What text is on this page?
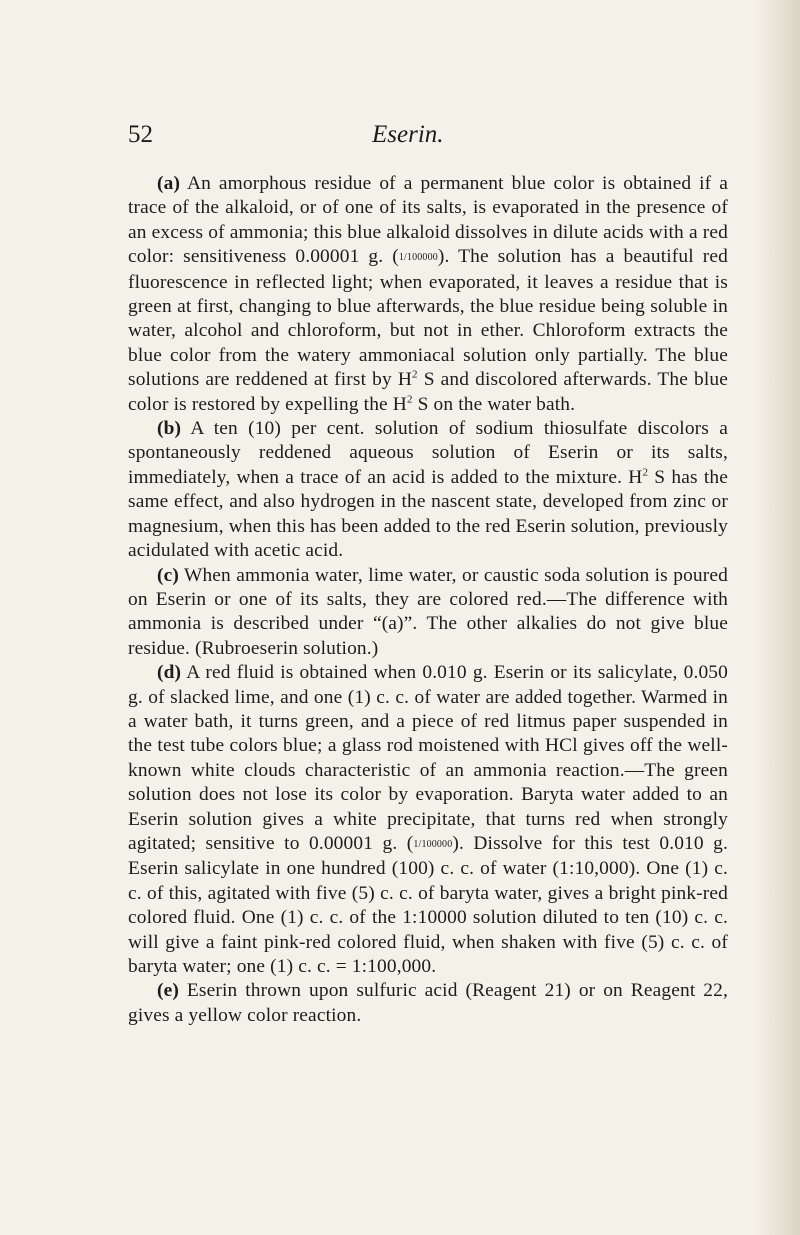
52	Eserin.

(a) An amorphous residue of a permanent blue color is obtained if a trace of the alkaloid, or of one of its salts, is evaporated in the presence of an excess of ammonia; this blue alkaloid dissolves in dilute acids with a red color: sensitiveness 0.00001 g. (1/100000). The solution has a beautiful red fluorescence in reflected light; when evaporated, it leaves a residue that is green at first, changing to blue afterwards, the blue residue being soluble in water, alcohol and chloroform, but not in ether. Chloroform extracts the blue color from the watery ammoniacal solution only partially. The blue solutions are reddened at first by $H^2$ S and discolored afterwards. The blue color is restored by expelling the $H^2$ S on the water bath.

(b) A ten (10) per cent. solution of sodium thiosulfate discolors a spontaneously reddened aqueous solution of Eserin or its salts, immediately, when a trace of an acid is added to the mixture. $H^2$ S has the same effect, and also hydrogen in the nascent state, developed from zinc or magnesium, when this has been added to the red Eserin solution, previously acidulated with acetic acid.

(c) When ammonia water, lime water, or caustic soda solution is poured on Eserin or one of its salts, they are colored red.—The difference with ammonia is described under “(a)”. The other alkalies do not give blue residue. (Rubroeserin solution.)

(d) A red fluid is obtained when 0.010 g. Eserin or its salicylate, 0.050 g. of slacked lime, and one (1) c. c. of water are added together. Warmed in a water bath, it turns green, and a piece of red litmus paper suspended in the test tube colors blue; a glass rod moistened with HCl gives off the well-known white clouds characteristic of an ammonia reaction.—The green solution does not lose its color by evaporation. Baryta water added to an Eserin solution gives a white precipitate, that turns red when strongly agitated; sensitive to 0.00001 g. (1/100000). Dissolve for this test 0.010 g. Eserin salicylate in one hundred (100) c. c. of water (1:10,000). One (1) c. c. of this, agitated with five (5) c. c. of baryta water, gives a bright pink-red colored fluid. One (1) c. c. of the 1:10000 solution diluted to ten (10) c. c. will give a faint pink-red colored fluid, when shaken with five (5) c. c. of baryta water; one (1) c. c. = 1:100,000.

(e) Eserin thrown upon sulfuric acid (Reagent 21) or on Reagent 22, gives a yellow color reaction.
